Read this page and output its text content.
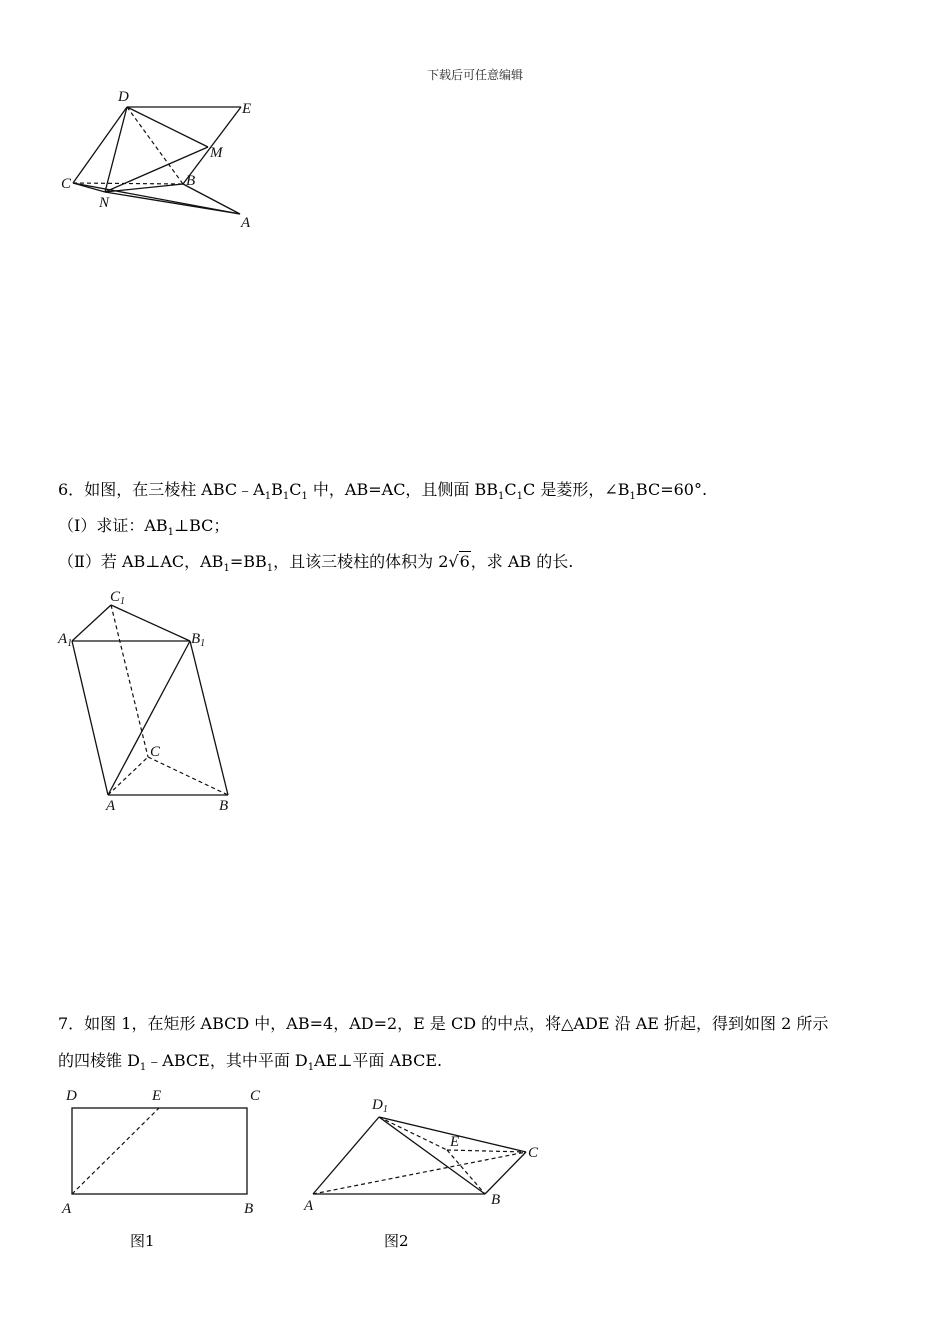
下载后可任意编辑
D
E
M
C	B
N
A
6．如图，在三棱柱 $ABC﹣A_1B_1C_1$ 中，AB=AC，且侧面 $BB_1C_1C$ 是菱形，$\angle B_1BC=60^\circ$.
（Ⅰ）求证：$AB_1\perp BC$；
（Ⅱ）若 AB⊥AC，$AB_1=BB_1$，且该三棱柱的体积为 2√6，求 AB 的长.
$C_1$
$A_1$	$B_1$
C
A	B
7．如图 1，在矩形 ABCD 中，AB=4，AD=2，E 是 CD 的中点，将△ADE 沿 AE 折起，得到如图 2 所示
的四棱锥 $D_1﹣ABCE$，其中平面 $D_1AE\perp$平面 ABCE.
D	E	C
A	B
图1
$D_1$
E
C
A	B
图2
